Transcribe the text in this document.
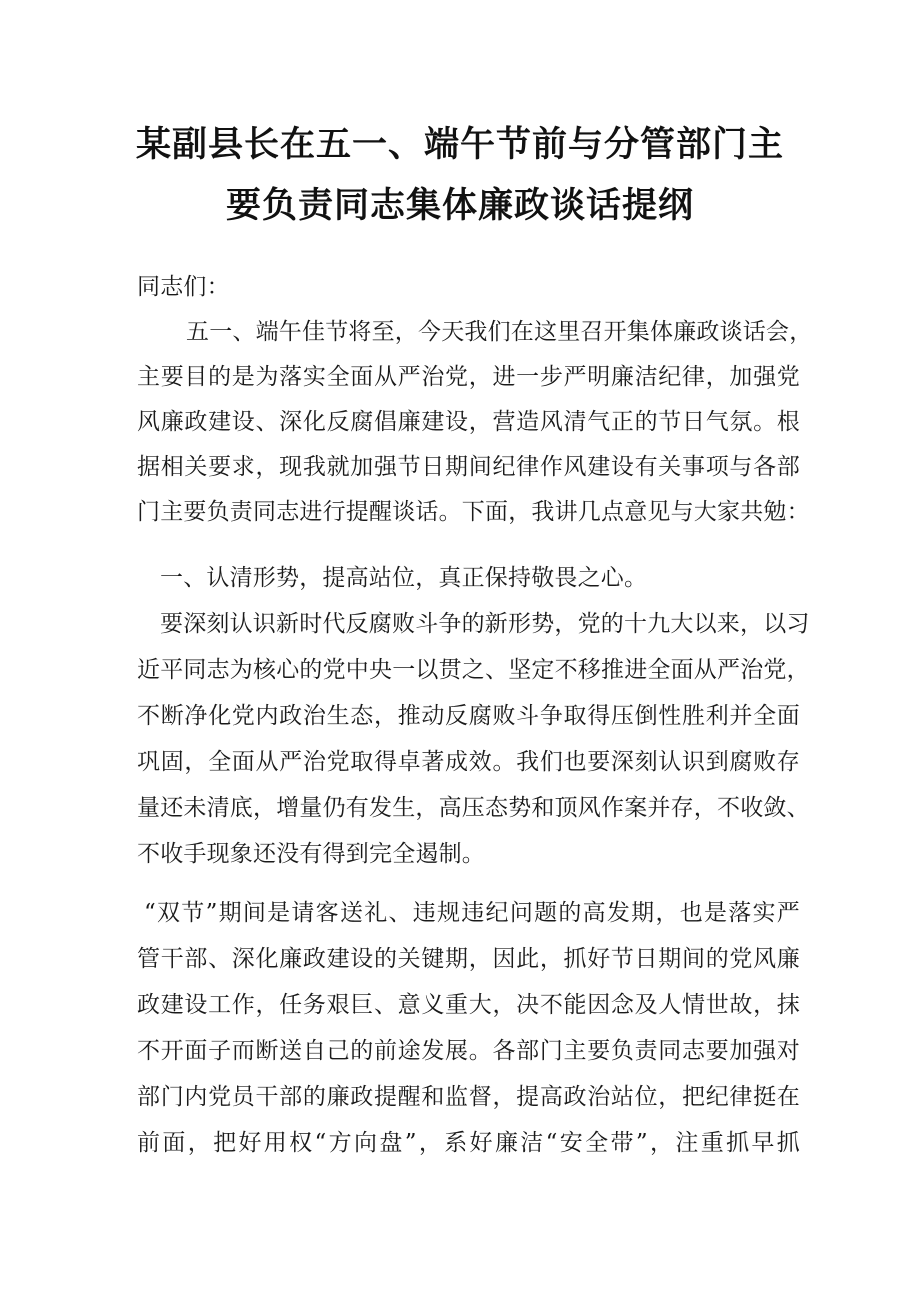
某副县长在五一、端午节前与分管部门主
要负责同志集体廉政谈话提纲
同志们：
五一、端午佳节将至，今天我们在这里召开集体廉政谈话会，
主要目的是为落实全面从严治党，进一步严明廉洁纪律，加强党
风廉政建设、深化反腐倡廉建设，营造风清气正的节日气氛。根
据相关要求，现我就加强节日期间纪律作风建设有关事项与各部
门主要负责同志进行提醒谈话。下面，我讲几点意见与大家共勉：
一、认清形势，提高站位，真正保持敬畏之心。
要深刻认识新时代反腐败斗争的新形势，党的十九大以来，以习
近平同志为核心的党中央一以贯之、坚定不移推进全面从严治党，
不断净化党内政治生态，推动反腐败斗争取得压倒性胜利并全面
巩固，全面从严治党取得卓著成效。我们也要深刻认识到腐败存
量还未清底，增量仍有发生，高压态势和顶风作案并存，不收敛、
不收手现象还没有得到完全遏制。
“双节”期间是请客送礼、违规违纪问题的高发期，也是落实严
管干部、深化廉政建设的关键期，因此，抓好节日期间的党风廉
政建设工作，任务艰巨、意义重大，决不能因念及人情世故，抹
不开面子而断送自己的前途发展。各部门主要负责同志要加强对
部门内党员干部的廉政提醒和监督，提高政治站位，把纪律挺在
前面，把好用权“方向盘”，系好廉洁“安全带”，注重抓早抓
